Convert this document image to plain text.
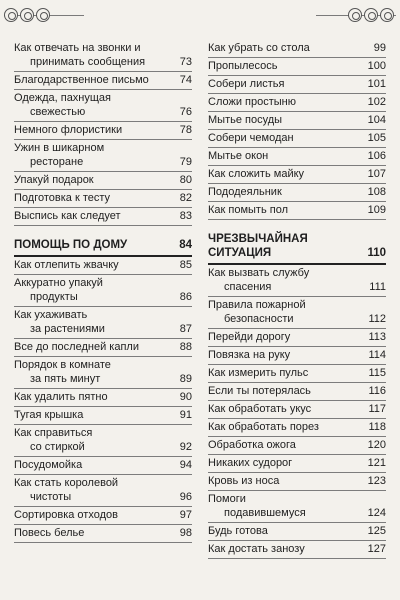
Как отвечать на звонки и
принимать сообщения	73
Благодарственное письмо	74
Одежда, пахнущая
свежестью	76
Немного флористики	78
Ужин в шикарном
ресторане	79
Упакуй подарок	80
Подготовка к тесту	82
Выспись как следует	83
ПОМОЩЬ ПО ДОМУ	84
Как отлепить жвачку	85
Аккуратно упакуй
продукты	86
Как ухаживать
за растениями	87
Все до последней капли	88
Порядок в комнате
за пять минут	89
Как удалить пятно	90
Тугая крышка	91
Как справиться
со стиркой	92
Посудомойка	94
Как стать королевой
чистоты	96
Сортировка отходов	97
Повесь белье	98
Как убрать со стола	99
Пропылесось	100
Собери листья	101
Сложи простыню	102
Мытье посуды	104
Собери чемодан	105
Мытье окон	106
Как сложить майку	107
Пододеяльник	108
Как помыть пол	109
ЧРЕЗВЫЧАЙНАЯ
СИТУАЦИЯ	110
Как вызвать службу
спасения	111
Правила пожарной
безопасности	112
Перейди дорогу	113
Повязка на руку	114
Как измерить пульс	115
Если ты потерялась	116
Как обработать укус	117
Как обработать порез	118
Обработка ожога	120
Никаких судорог	121
Кровь из носа	123
Помоги
подавившемуся	124
Будь готова	125
Как достать занозу	127
